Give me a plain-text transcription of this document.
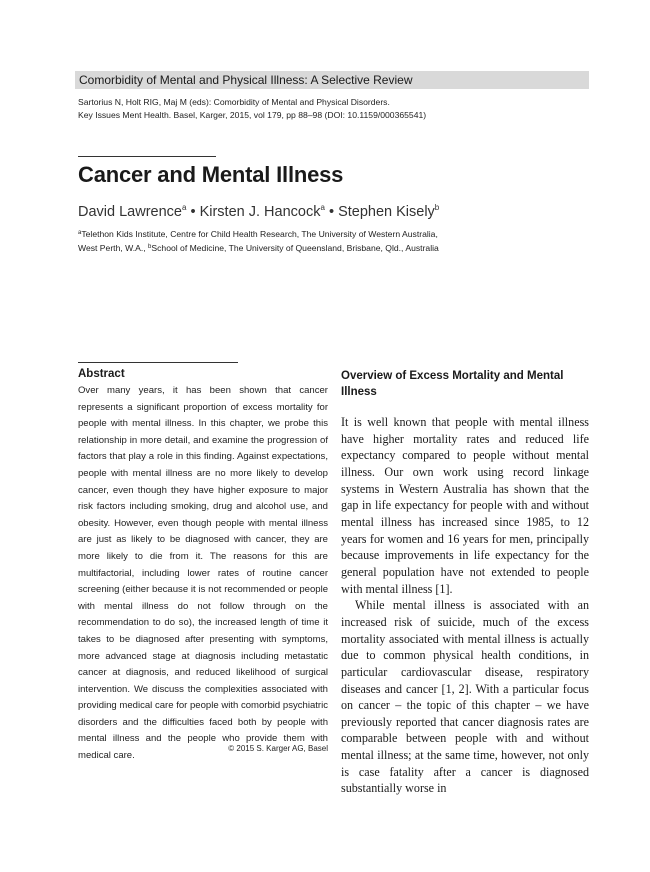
Comorbidity of Mental and Physical Illness: A Selective Review
Sartorius N, Holt RIG, Maj M (eds): Comorbidity of Mental and Physical Disorders.
Key Issues Ment Health. Basel, Karger, 2015, vol 179, pp 88–98 (DOI: 10.1159/000365541)
Cancer and Mental Illness
David Lawrence$^a$ • Kirsten J. Hancock$^a$ • Stephen Kisely$^b$
$^a$Telethon Kids Institute, Centre for Child Health Research, The University of Western Australia,
West Perth, W.A., $^b$School of Medicine, The University of Queensland, Brisbane, Qld., Australia
Abstract

Over many years, it has been shown that cancer represents a significant proportion of excess mortality for people with mental illness. In this chapter, we probe this relationship in more detail, and examine the progression of factors that play a role in this finding. Against expectations, people with mental illness are no more likely to develop cancer, even though they have higher exposure to major risk factors including smoking, drug and alcohol use, and obesity. However, even though people with mental illness are just as likely to be diagnosed with cancer, they are more likely to die from it. The reasons for this are multifactorial, including lower rates of routine cancer screening (either because it is not recommended or people with mental illness do not follow through on the recommendation to do so), the increased length of time it takes to be diagnosed after presenting with symptoms, more advanced stage at diagnosis including metastatic cancer at diagnosis, and reduced likelihood of surgical intervention. We discuss the complexities associated with providing medical care for people with comorbid psychiatric disorders and the difficulties faced both by people with mental illness and the people who provide them with medical care.

© 2015 S. Karger AG, Basel
Overview of Excess Mortality and Mental Illness

It is well known that people with mental illness have higher mortality rates and reduced life expectancy compared to people without mental illness. Our own work using record linkage systems in Western Australia has shown that the gap in life expectancy for people with and without mental illness has increased since 1985, to 12 years for women and 16 years for men, principally because improvements in life expectancy for the general population have not extended to people with mental illness [1].

While mental illness is associated with an increased risk of suicide, much of the excess mortality associated with mental illness is actually due to common physical health conditions, in particular cardiovascular disease, respiratory diseases and cancer [1, 2]. With a particular focus on cancer – the topic of this chapter – we have previously reported that cancer diagnosis rates are comparable between people with and without mental illness; at the same time, however, not only is case fatality after a cancer is diagnosed substantially worse in
